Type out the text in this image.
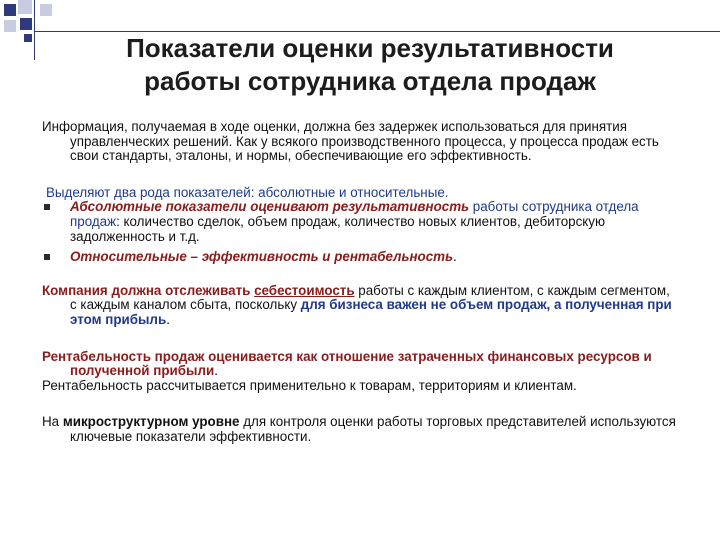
Показатели оценки результативности
работы сотрудника отдела продаж

Информация, получаемая в ходе оценки, должна без задержек использоваться для принятия управленческих решений. Как у всякого производственного процесса, у процесса продаж есть свои стандарты, эталоны, и нормы, обеспечивающие его эффективность.

Выделяют два рода показателей: абсолютные и относительные.

Абсолютные показатели оценивают результативность работы сотрудника отдела продаж: количество сделок, объем продаж, количество новых клиентов, дебиторскую задолженность и т.д.
Относительные – эффективность и рентабельность.

Компания должна отслеживать себестоимость работы с каждым клиентом, с каждым сегментом, с каждым каналом сбыта, поскольку для бизнеса важен не объем продаж, а полученная при этом прибыль.

Рентабельность продаж оценивается как отношение затраченных финансовых ресурсов и полученной прибыли.

Рентабельность рассчитывается применительно к товарам, территориям и клиентам.

На микроструктурном уровне для контроля оценки работы торговых представителей используются ключевые показатели эффективности.
